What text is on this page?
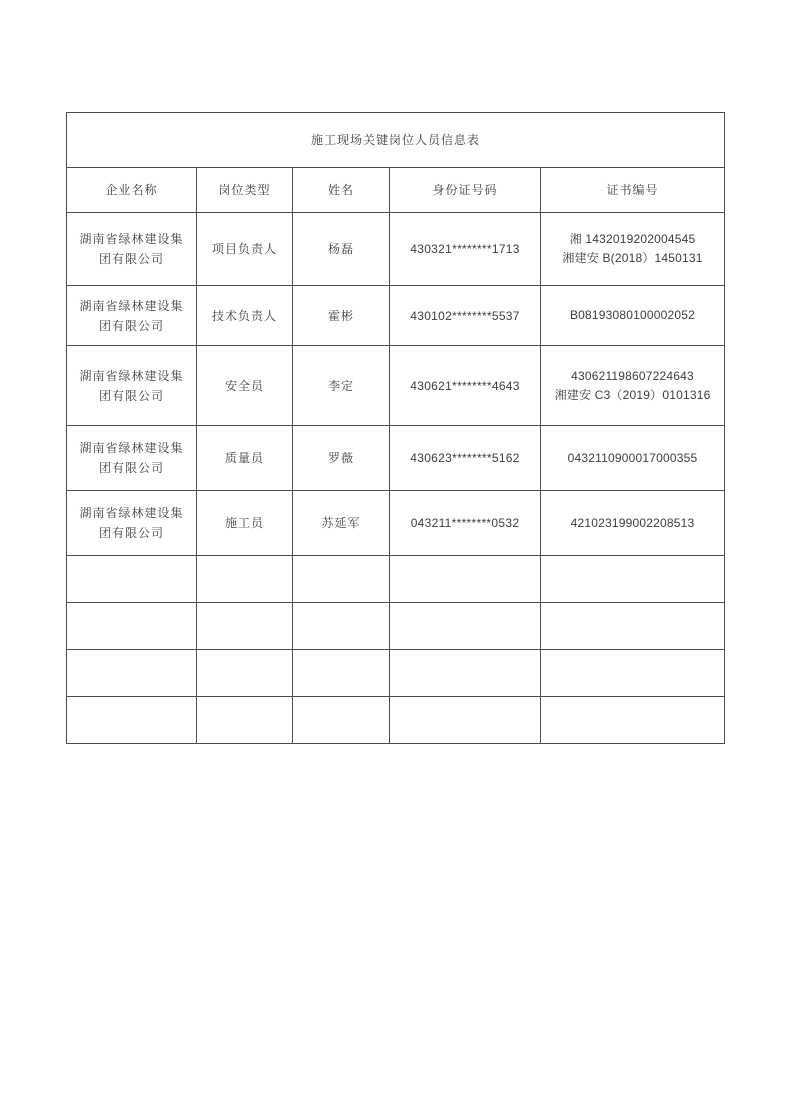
施工现场关键岗位人员信息表				
企业名称	岗位类型	姓名	身份证号码	证书编号
湖南省绿林建设集团有限公司	项目负责人	杨磊	430321********1713	湘 1432019202004545
湘建安 B(2018）1450131

湖南省绿林建设集团有限公司	技术负责人	霍彬	430102********5537	B08193080100002052

湖南省绿林建设集团有限公司	安全员	李定	430621********4643	430621198607224643
湘建安 C3（2019）0101316

湖南省绿林建设集团有限公司	质量员	罗薇	430623********5162	0432110900017000355

湖南省绿林建设集团有限公司	施工员	苏延军	043211********0532	421023199002208513
